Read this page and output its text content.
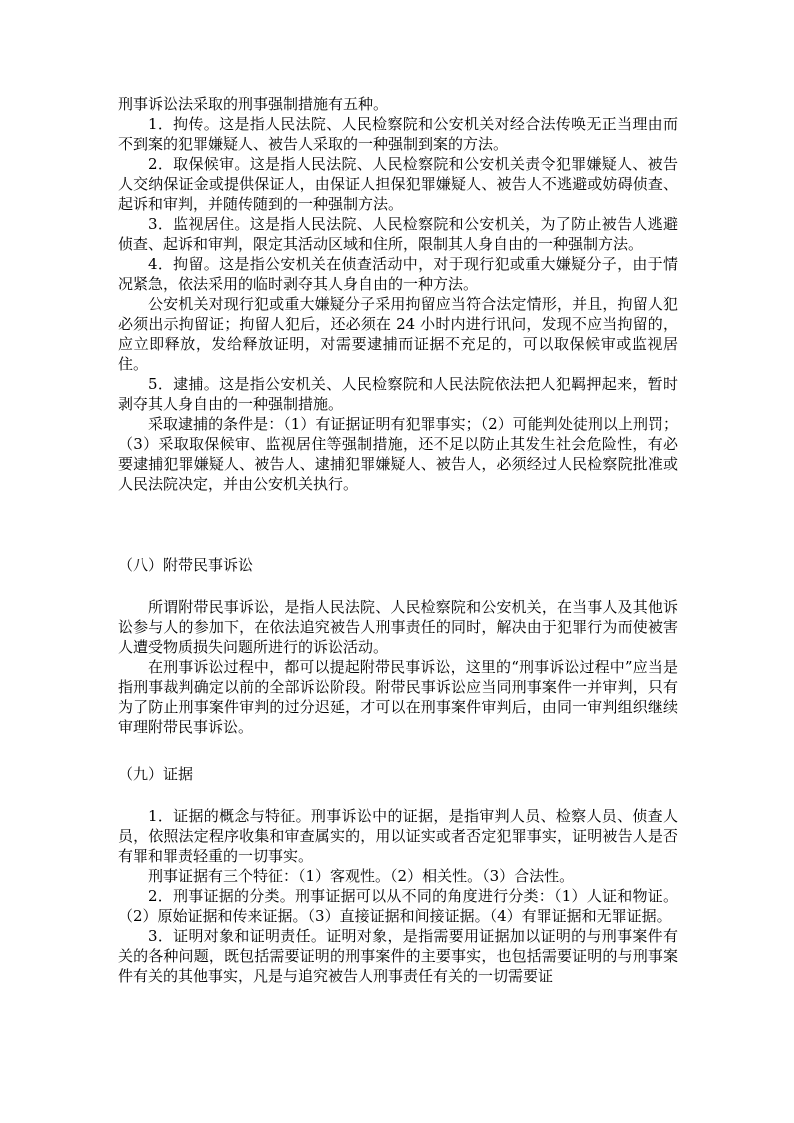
刑事诉讼法采取的刑事强制措施有五种。

1．拘传。这是指人民法院、人民检察院和公安机关对经合法传唤无正当理由而不到案的犯罪嫌疑人、被告人采取的一种强制到案的方法。

2．取保候审。这是指人民法院、人民检察院和公安机关责令犯罪嫌疑人、被告人交纳保证金或提供保证人，由保证人担保犯罪嫌疑人、被告人不逃避或妨碍侦查、起诉和审判，并随传随到的一种强制方法。

3．监视居住。这是指人民法院、人民检察院和公安机关，为了防止被告人逃避侦查、起诉和审判，限定其活动区域和住所，限制其人身自由的一种强制方法。

4．拘留。这是指公安机关在侦查活动中，对于现行犯或重大嫌疑分子，由于情况紧急，依法采用的临时剥夺其人身自由的一种方法。

公安机关对现行犯或重大嫌疑分子采用拘留应当符合法定情形，并且，拘留人犯必须出示拘留证；拘留人犯后，还必须在 24 小时内进行讯问，发现不应当拘留的，应立即释放，发给释放证明，对需要逮捕而证据不充足的，可以取保候审或监视居住。

5．逮捕。这是指公安机关、人民检察院和人民法院依法把人犯羁押起来，暂时剥夺其人身自由的一种强制措施。

采取逮捕的条件是：（1）有证据证明有犯罪事实；（2）可能判处徒刑以上刑罚；（3）采取取保候审、监视居住等强制措施，还不足以防止其发生社会危险性，有必要逮捕犯罪嫌疑人、被告人、逮捕犯罪嫌疑人、被告人，必须经过人民检察院批准或人民法院决定，并由公安机关执行。

（八）附带民事诉讼

所谓附带民事诉讼，是指人民法院、人民检察院和公安机关，在当事人及其他诉讼参与人的参加下，在依法追究被告人刑事责任的同时，解决由于犯罪行为而使被害人遭受物质损失问题所进行的诉讼活动。

在刑事诉讼过程中，都可以提起附带民事诉讼，这里的“刑事诉讼过程中”应当是指刑事裁判确定以前的全部诉讼阶段。附带民事诉讼应当同刑事案件一并审判，只有为了防止刑事案件审判的过分迟延，才可以在刑事案件审判后，由同一审判组织继续审理附带民事诉讼。

（九）证据

1．证据的概念与特征。刑事诉讼中的证据，是指审判人员、检察人员、侦查人员，依照法定程序收集和审查属实的，用以证实或者否定犯罪事实，证明被告人是否有罪和罪责轻重的一切事实。

刑事证据有三个特征：（1）客观性。（2）相关性。（3）合法性。

2．刑事证据的分类。刑事证据可以从不同的角度进行分类：（1）人证和物证。（2）原始证据和传来证据。（3）直接证据和间接证据。（4）有罪证据和无罪证据。

3．证明对象和证明责任。证明对象，是指需要用证据加以证明的与刑事案件有关的各种问题，既包括需要证明的刑事案件的主要事实，也包括需要证明的与刑事案件有关的其他事实，凡是与追究被告人刑事责任有关的一切需要证
